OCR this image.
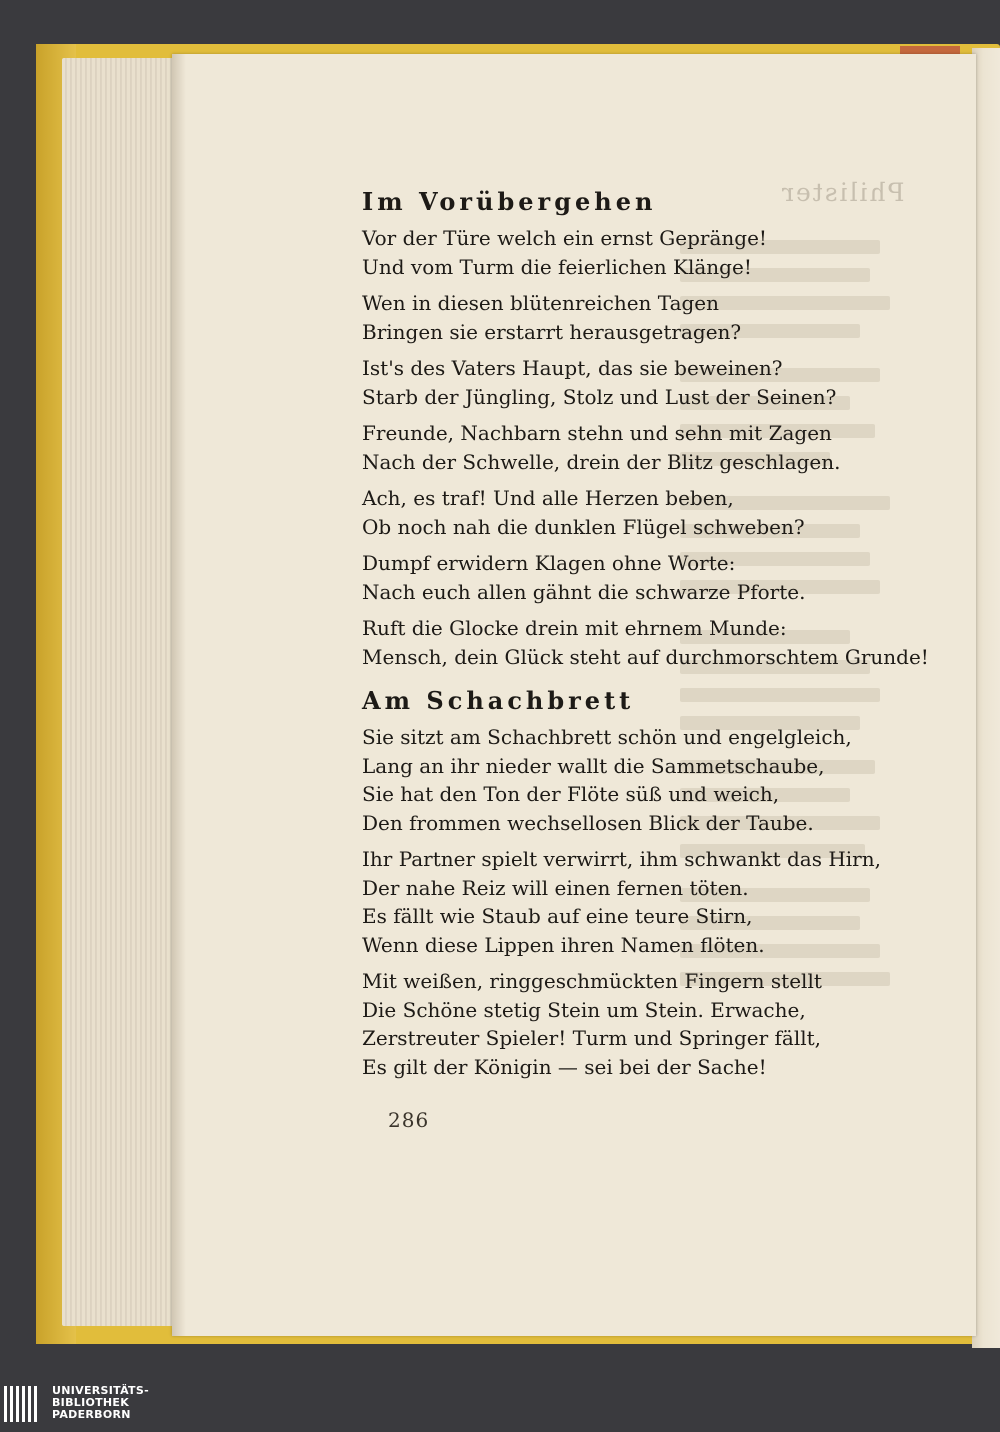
Philister
Im Vorübergehen
Vor der Türe welch ein ernst Gepränge!
Und vom Turm die feierlichen Klänge!
Wen in diesen blütenreichen Tagen
Bringen sie erstarrt herausgetragen?
Ist's des Vaters Haupt, das sie beweinen?
Starb der Jüngling, Stolz und Lust der Seinen?
Freunde, Nachbarn stehn und sehn mit Zagen
Nach der Schwelle, drein der Blitz geschlagen.
Ach, es traf! Und alle Herzen beben,
Ob noch nah die dunklen Flügel schweben?
Dumpf erwidern Klagen ohne Worte:
Nach euch allen gähnt die schwarze Pforte.
Ruft die Glocke drein mit ehrnem Munde:
Mensch, dein Glück steht auf durchmorschtem Grunde!
Am Schachbrett
Sie sitzt am Schachbrett schön und engelgleich,
Lang an ihr nieder wallt die Sammetschaube,
Sie hat den Ton der Flöte süß und weich,
Den frommen wechsellosen Blick der Taube.
Ihr Partner spielt verwirrt, ihm schwankt das Hirn,
Der nahe Reiz will einen fernen töten.
Es fällt wie Staub auf eine teure Stirn,
Wenn diese Lippen ihren Namen flöten.
Mit weißen, ringgeschmückten Fingern stellt
Die Schöne stetig Stein um Stein. Erwache,
Zerstreuter Spieler! Turm und Springer fällt,
Es gilt der Königin — sei bei der Sache!
286
UNIVERSITÄTS-
BIBLIOTHEK
PADERBORN
